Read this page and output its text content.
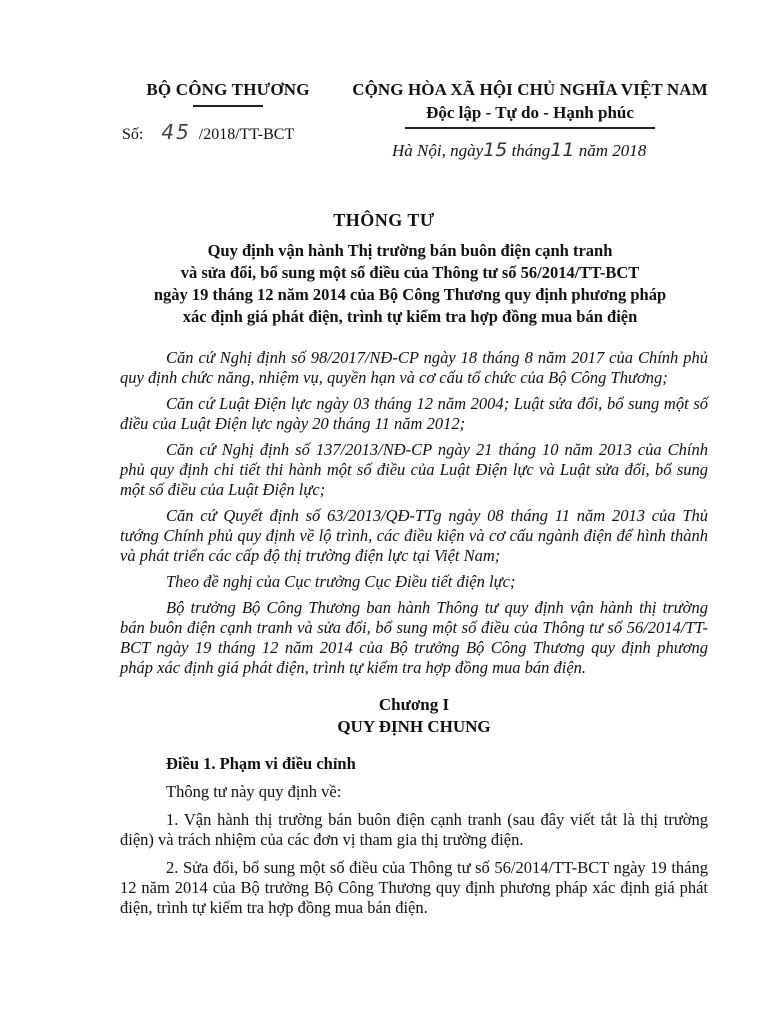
BỘ CÔNG THƯƠNG
Số: 45 /2018/TT-BCT
CỘNG HÒA XÃ HỘI CHỦ NGHĨA VIỆT NAM
Độc lập - Tự do - Hạnh phúc
Hà Nội, ngày15 tháng11 năm 2018
THÔNG TƯ
Quy định vận hành Thị trường bán buôn điện cạnh tranh
và sửa đổi, bổ sung một số điều của Thông tư số 56/2014/TT-BCT
ngày 19 tháng 12 năm 2014 của Bộ Công Thương quy định phương pháp
xác định giá phát điện, trình tự kiểm tra hợp đồng mua bán điện

Căn cứ Nghị định số 98/2017/NĐ-CP ngày 18 tháng 8 năm 2017 của Chính phủ quy định chức năng, nhiệm vụ, quyền hạn và cơ cấu tổ chức của Bộ Công Thương;

Căn cứ Luật Điện lực ngày 03 tháng 12 năm 2004; Luật sửa đổi, bổ sung một số điều của Luật Điện lực ngày 20 tháng 11 năm 2012;

Căn cứ Nghị định số 137/2013/NĐ-CP ngày 21 tháng 10 năm 2013 của Chính phủ quy định chi tiết thi hành một số điều của Luật Điện lực và Luật sửa đổi, bổ sung một số điều của Luật Điện lực;

Căn cứ Quyết định số 63/2013/QĐ-TTg ngày 08 tháng 11 năm 2013 của Thủ tướng Chính phủ quy định về lộ trình, các điều kiện và cơ cấu ngành điện để hình thành và phát triển các cấp độ thị trường điện lực tại Việt Nam;

Theo đề nghị của Cục trưởng Cục Điều tiết điện lực;

Bộ trưởng Bộ Công Thương ban hành Thông tư quy định vận hành thị trường bán buôn điện cạnh tranh và sửa đổi, bổ sung một số điều của Thông tư số 56/2014/TT-BCT ngày 19 tháng 12 năm 2014 của Bộ trưởng Bộ Công Thương quy định phương pháp xác định giá phát điện, trình tự kiểm tra hợp đồng mua bán điện.

Chương I
QUY ĐỊNH CHUNG
Điều 1. Phạm vi điều chỉnh

Thông tư này quy định về:

1. Vận hành thị trường bán buôn điện cạnh tranh (sau đây viết tắt là thị trường điện) và trách nhiệm của các đơn vị tham gia thị trường điện.

2. Sửa đổi, bổ sung một số điều của Thông tư số 56/2014/TT-BCT ngày 19 tháng 12 năm 2014 của Bộ trưởng Bộ Công Thương quy định phương pháp xác định giá phát điện, trình tự kiểm tra hợp đồng mua bán điện.
